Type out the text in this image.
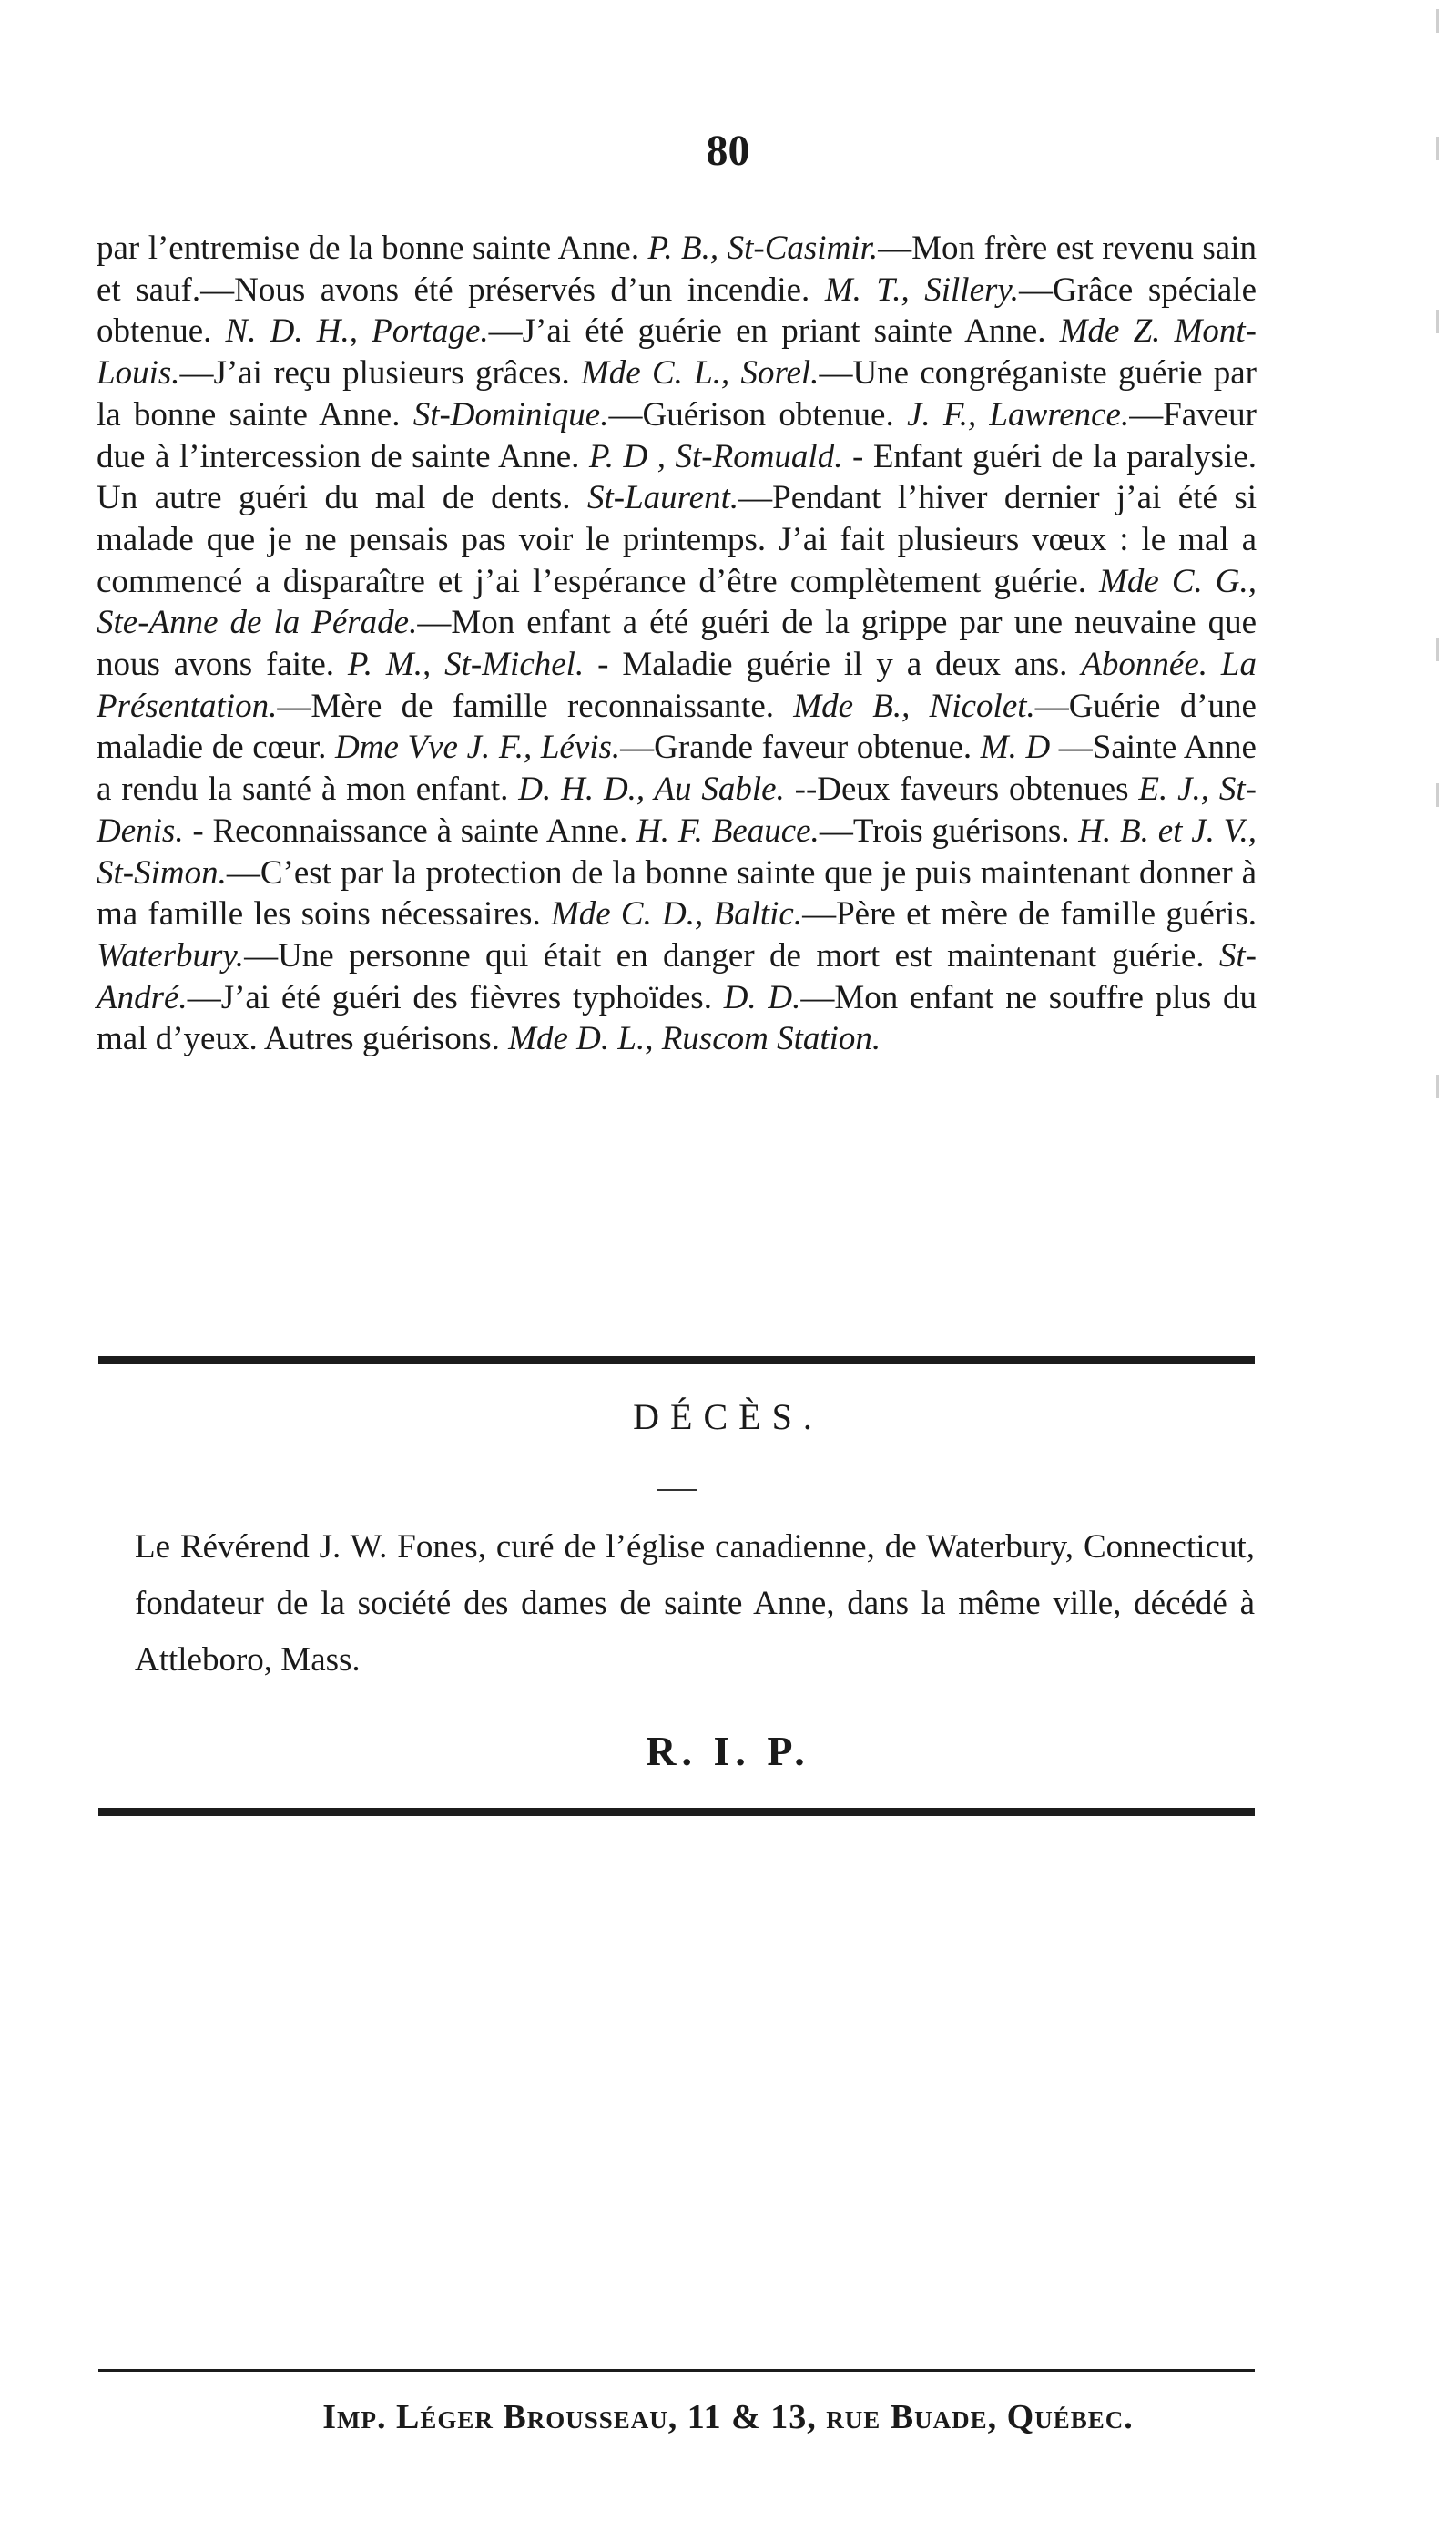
80
par l’entremise de la bonne sainte Anne. P. B., St-Casimir.—Mon frère est revenu sain et sauf.—Nous avons été préservés d’un incendie. M. T., Sillery.—Grâce spéciale obtenue. N. D. H., Portage.—J’ai été guérie en priant sainte Anne. Mde Z. Mont-Louis.—J’ai reçu plusieurs grâces. Mde C. L., Sorel.—Une congréganiste guérie par la bonne sainte Anne. St-Dominique.—Guérison obtenue. J. F., Lawrence.—Faveur due à l’intercession de sainte Anne. P. D , St-Romuald. - Enfant guéri de la paralysie. Un autre guéri du mal de dents. St-Laurent.—Pendant l’hiver dernier j’ai été si malade que je ne pensais pas voir le printemps. J’ai fait plusieurs vœux : le mal a commencé a disparaître et j’ai l’espérance d’être complètement guérie. Mde C. G., Ste-Anne de la Pérade.—Mon enfant a été guéri de la grippe par une neuvaine que nous avons faite. P. M., St-Michel. - Maladie guérie il y a deux ans. Abonnée. La Présentation.—Mère de famille reconnaissante. Mde B., Nicolet.—Guérie d’une maladie de cœur. Dme Vve J. F., Lévis.—Grande faveur obtenue. M. D —Sainte Anne a rendu la santé à mon enfant. D. H. D., Au Sable. --Deux faveurs obtenues E. J., St-Denis. - Reconnaissance à sainte Anne. H. F. Beauce.—Trois guérisons. H. B. et J. V., St-Simon.—C’est par la protection de la bonne sainte que je puis maintenant donner à ma famille les soins nécessaires. Mde C. D., Baltic.—Père et mère de famille guéris. Waterbury.—Une personne qui était en danger de mort est maintenant guérie. St-André.—J’ai été guéri des fièvres typhoïdes. D. D.—Mon enfant ne souffre plus du mal d’yeux. Autres guérisons. Mde D. L., Ruscom Station.
DÉCÈS.
Le Révérend J. W. Fones, curé de l’église canadienne, de Waterbury, Connecticut, fondateur de la société des dames de sainte Anne, dans la même ville, décédé à Attleboro, Mass.
R. I. P.
Imp. Léger Brousseau, 11 & 13, rue Buade, Québec.
